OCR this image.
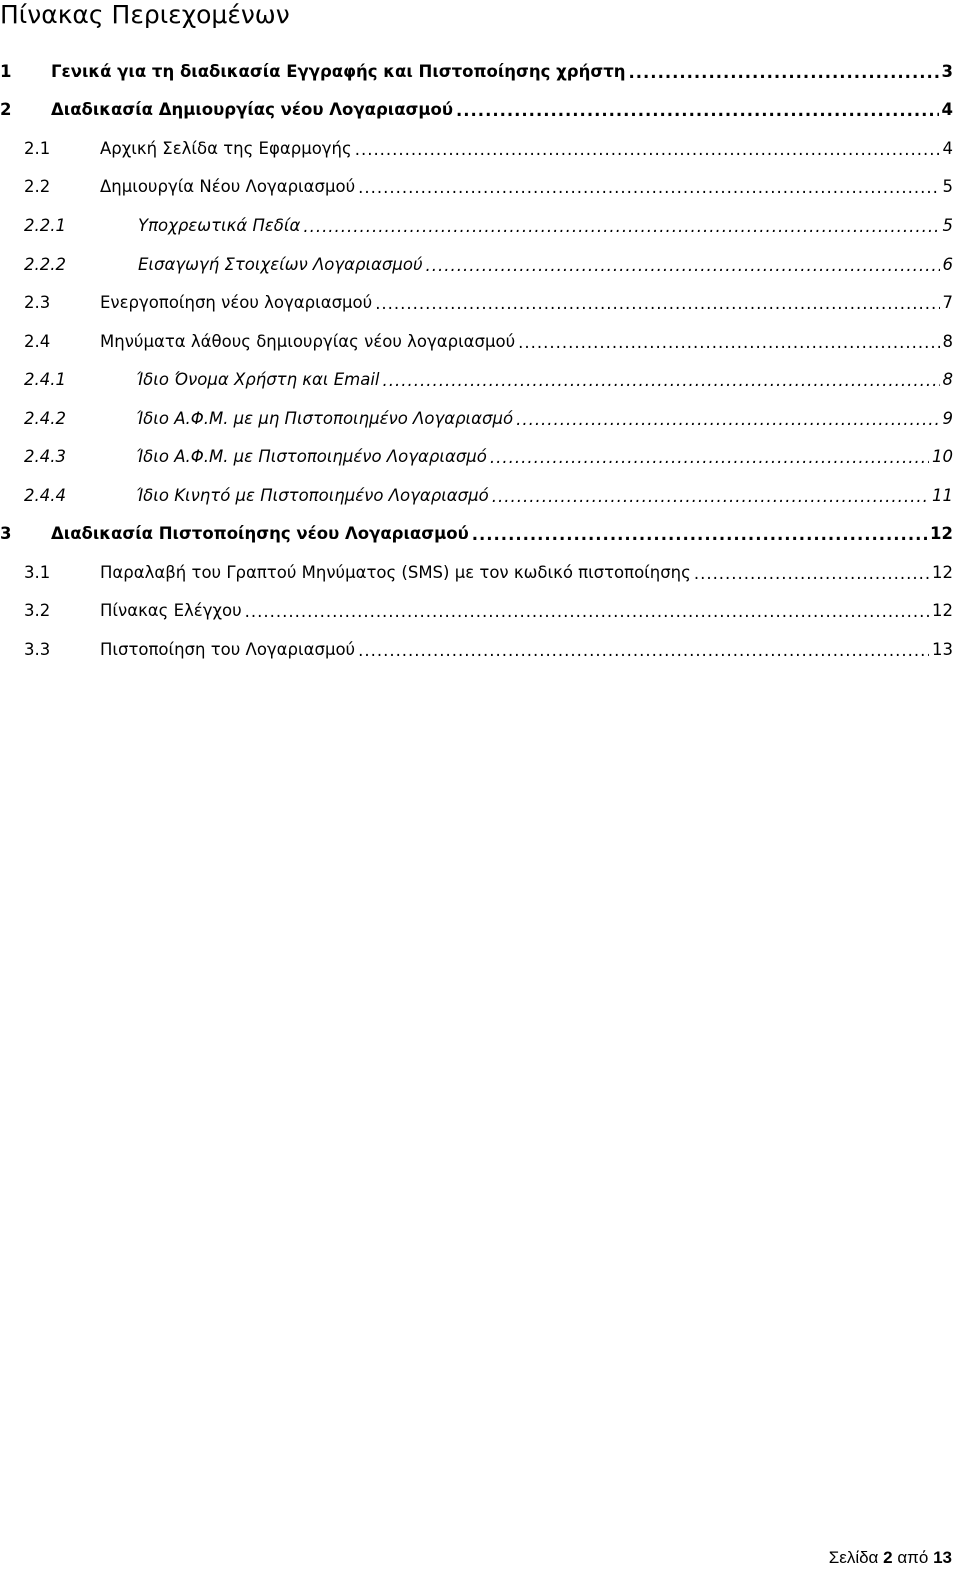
Πίνακας Περιεχομένων
1	Γενικά για τη διαδικασία Εγγραφής και Πιστοποίησης χρήστη .....	3
2	Διαδικασία Δημιουργίας νέου Λογαριασμού .....	4
2.1	Αρχική Σελίδα της Εφαρμογής .....	4
2.2	Δημιουργία Νέου Λογαριασμού .....	5
2.2.1	Υποχρεωτικά Πεδία .....	5
2.2.2	Εισαγωγή Στοιχείων Λογαριασμού .....	6
2.3	Ενεργοποίηση νέου λογαριασμού .....	7
2.4	Μηνύματα λάθους δημιουργίας νέου λογαριασμού .....	8
2.4.1	Ίδιο Όνομα Χρήστη και Email .....	8
2.4.2	Ίδιο Α.Φ.Μ. με μη Πιστοποιημένο Λογαριασμό .....	9
2.4.3	Ίδιο Α.Φ.Μ. με Πιστοποιημένο Λογαριασμό .....	10
2.4.4	Ίδιο Κινητό με Πιστοποιημένο Λογαριασμό .....	11
3	Διαδικασία Πιστοποίησης νέου Λογαριασμού .....	12
3.1	Παραλαβή του Γραπτού Μηνύματος (SMS) με τον κωδικό πιστοποίησης .....	12
3.2	Πίνακας Ελέγχου .....	12
3.3	Πιστοποίηση του Λογαριασμού .....	13
Σελίδα 2 από 13
